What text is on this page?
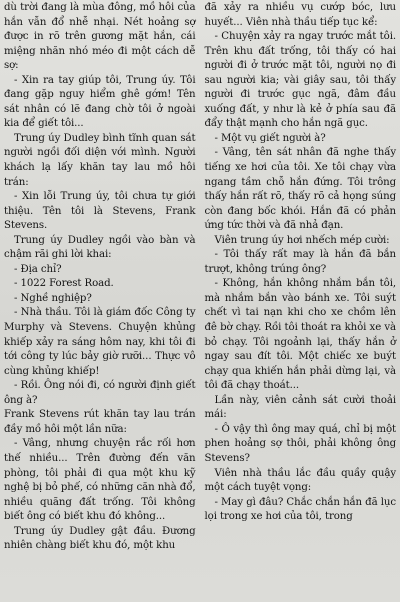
dù trời đang là mùa đông, mồ hôi của hắn vẫn đổ nhễ nhại. Nét hoảng sợ được in rõ trên gương mặt hắn, cái miệng nhăn nhó méo đi một cách dễ sợ:

- Xin ra tay giúp tôi, Trung úy. Tôi đang gặp nguy hiểm ghê gớm! Tên sát nhân có lẽ đang chờ tôi ở ngoài kia để giết tôi...

Trung úy Dudley bình tĩnh quan sát người ngồi đối diện với mình. Người khách lạ lấy khăn tay lau mồ hôi trán:

- Xin lỗi Trung úy, tôi chưa tự giới thiệu. Tên tôi là Stevens, Frank Stevens.

Trung úy Dudley ngồi vào bàn và chậm rãi ghi lời khai:

- Địa chỉ?

- 1022 Forest Road.

- Nghề nghiệp?

- Nhà thầu. Tôi là giám đốc Công ty Murphy và Stevens. Chuyện khủng khiếp xảy ra sáng hôm nay, khi tôi đi tới công ty lúc bảy giờ rưỡi... Thực vô cùng khủng khiếp!

- Rồi. Ông nói đi, có người định giết ông à?

Frank Stevens rút khăn tay lau trán đầy mồ hôi một lần nữa:

- Vâng, nhưng chuyện rắc rối hơn thế nhiều... Trên đường đến văn phòng, tôi phải đi qua một khu kỹ nghệ bị bỏ phế, có những căn nhà đổ, nhiều quãng đất trống. Tôi không biết ông có biết khu đó không...

Trung úy Dudley gật đầu. Đương nhiên chàng biết khu đó, một khu

đã xảy ra nhiều vụ cướp bóc, lưu huyết... Viên nhà thầu tiếp tục kể:

- Chuyện xảy ra ngay trước mắt tôi. Trên khu đất trống, tôi thấy có hai người đi ở trước mặt tôi, người nọ đi sau người kia; vài giây sau, tôi thấy người đi trước gục ngã, đâm đầu xuống đất, y như là kẻ ở phía sau đã đẩy thật mạnh cho hắn ngã gục.

- Một vụ giết người à?

- Vâng, tên sát nhân đã nghe thấy tiếng xe hơi của tôi. Xe tôi chạy vừa ngang tầm chỗ hắn đứng. Tôi trông thấy hắn rất rõ, thấy rõ cả họng súng còn đang bốc khói. Hắn đã có phản ứng tức thời và đã nhả đạn.

Viên trung úy hơi nhếch mép cười:

- Tôi thấy rất may là hắn đã bắn trượt, không trúng ông?

- Không, hắn không nhắm bắn tôi, mà nhắm bắn vào bánh xe. Tôi suýt chết vì tai nạn khi cho xe chồm lên đê bờ chạy. Rồi tôi thoát ra khỏi xe và bỏ chạy. Tôi ngoảnh lại, thấy hắn ở ngay sau đít tôi. Một chiếc xe buýt chạy qua khiến hắn phải dừng lại, và tôi đã chạy thoát...

Lần này, viên cảnh sát cười thoải mái:

- Ô vậy thì ông may quá, chỉ bị một phen hoảng sợ thôi, phải không ông Stevens?

Viên nhà thầu lắc đầu quầy quậy một cách tuyệt vọng:

- May gì đâu? Chắc chắn hắn đã lục lọi trong xe hơi của tôi, trong
